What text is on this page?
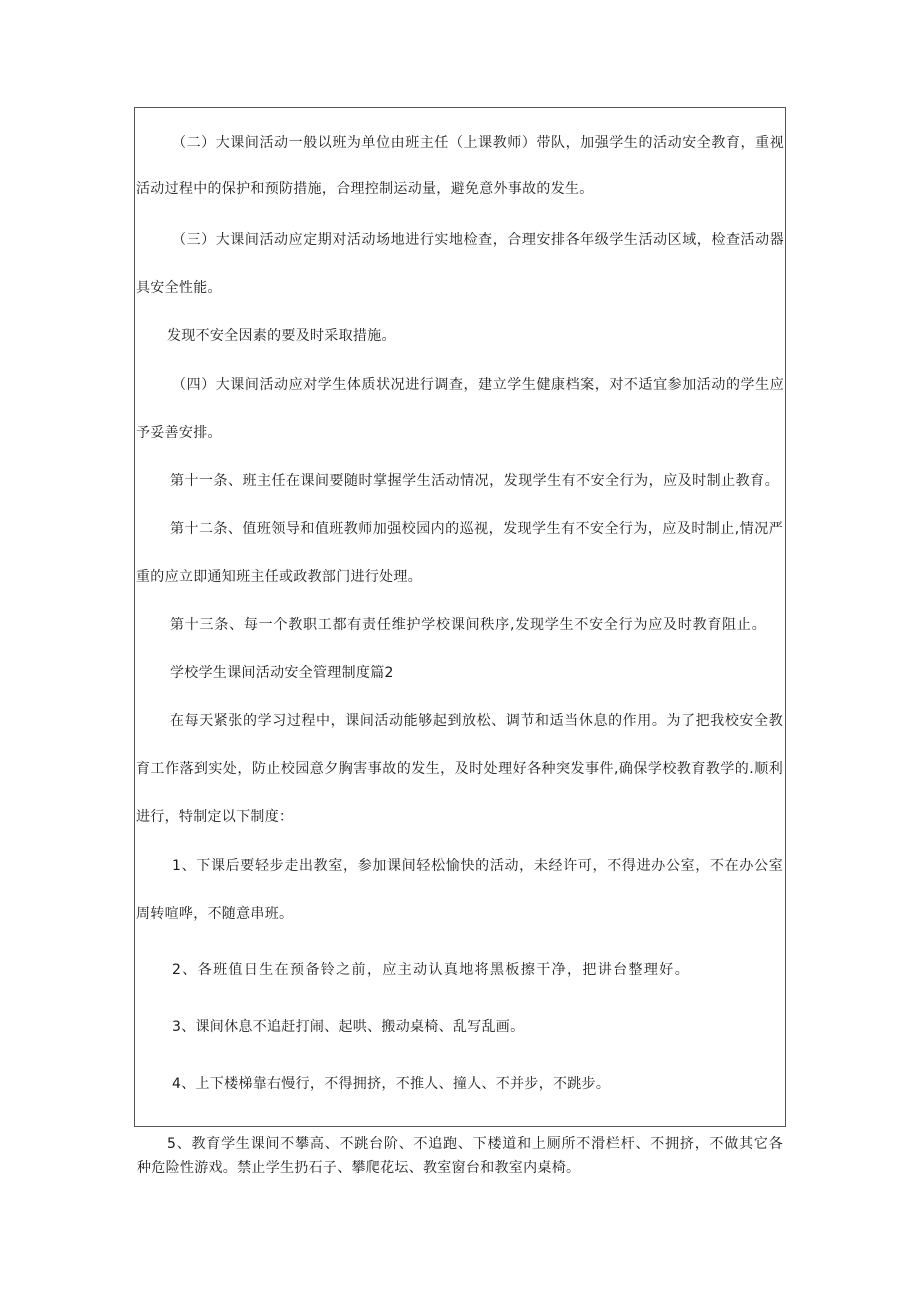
（二）大课间活动一般以班为单位由班主任（上课教师）带队，加强学生的活动安全教育，重视
活动过程中的保护和预防措施，合理控制运动量，避免意外事故的发生。
（三）大课间活动应定期对活动场地进行实地检查，合理安排各年级学生活动区域，检查活动器
具安全性能。
发现不安全因素的要及时采取措施。
（四）大课间活动应对学生体质状况进行调查，建立学生健康档案，对不适宜参加活动的学生应
予妥善安排。
第十一条、班主任在课间要随时掌握学生活动情况，发现学生有不安全行为，应及时制止教育。
第十二条、值班领导和值班教师加强校园内的巡视，发现学生有不安全行为，应及时制止,情况严
重的应立即通知班主任或政教部门进行处理。
第十三条、每一个教职工都有责任维护学校课间秩序,发现学生不安全行为应及时教育阻止。
学校学生课间活动安全管理制度篇2
在每天紧张的学习过程中，课间活动能够起到放松、调节和适当休息的作用。为了把我校安全教
育工作落到实处，防止校园意夕胸害事故的发生，及时处理好各种突发事件,确保学校教育教学的.顺利
进行，特制定以下制度：
1、下课后要轻步走出教室，参加课间轻松愉快的活动，未经许可，不得进办公室，不在办公室
周转喧哗，不随意串班。
2、各班值日生在预备铃之前，应主动认真地将黑板擦干净，把讲台整理好。
3、课间休息不追赶打闹、起哄、搬动桌椅、乱写乱画。
4、上下楼梯靠右慢行，不得拥挤，不推人、撞人、不并步，不跳步。
5、教育学生课间不攀高、不跳台阶、不追跑、下楼道和上厕所不滑栏杆、不拥挤，不做其它各
种危险性游戏。禁止学生扔石子、攀爬花坛、教室窗台和教室内桌椅。
